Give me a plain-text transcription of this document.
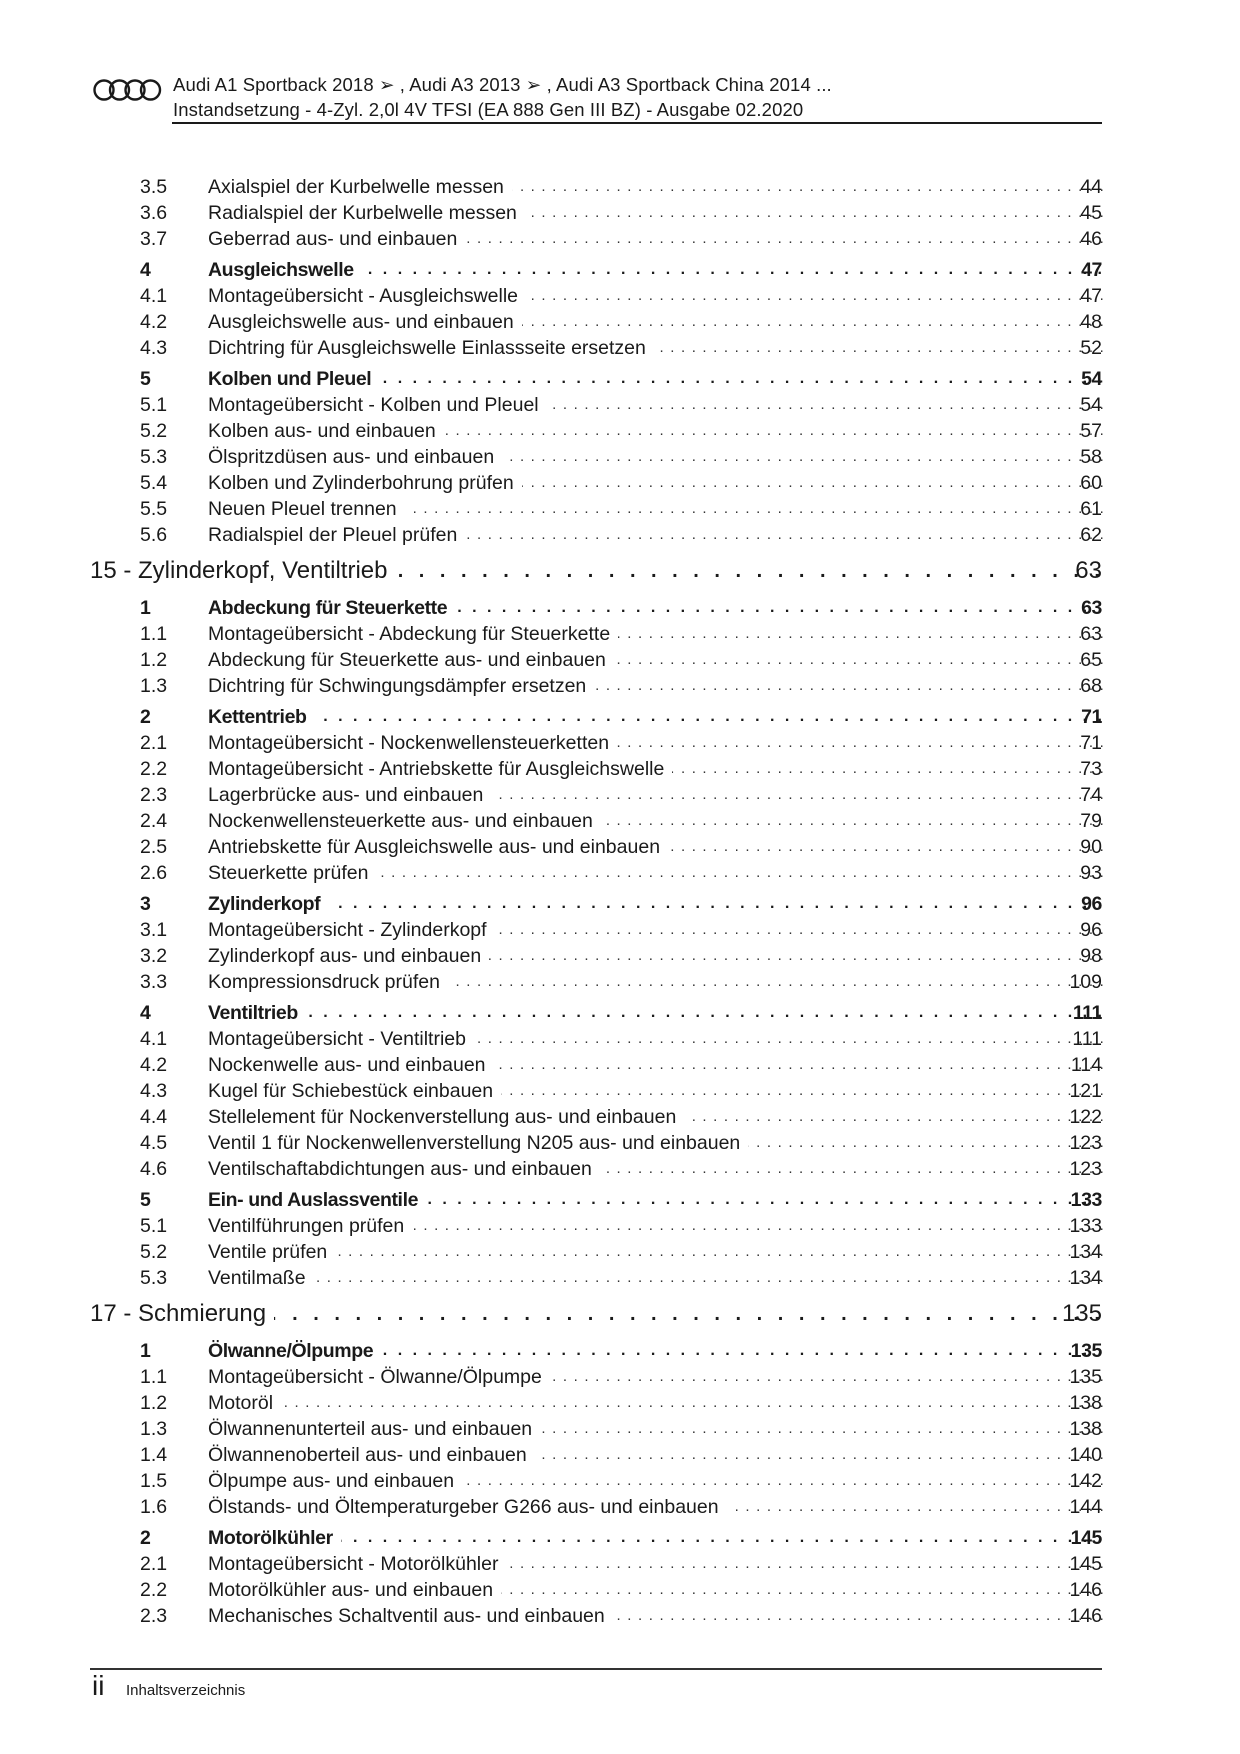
Audi A1 Sportback 2018 ➢ , Audi A3 2013 ➢ , Audi A3 Sportback China 2014 ...
Instandsetzung - 4-Zyl. 2,0l 4V TFSI (EA 888 Gen III BZ) - Ausgabe 02.2020
3.5 Axialspiel der Kurbelwelle messen . . .	44
3.6 Radialspiel der Kurbelwelle messen . . .	45
3.7 Geberrad aus- und einbauen . . .	46
4	Ausgleichswelle . . .	47
4.1 Montageübersicht - Ausgleichswelle . . .	47
4.2 Ausgleichswelle aus- und einbauen . . .	48
4.3 Dichtring für Ausgleichswelle Einlassseite ersetzen . . .	52
5	Kolben und Pleuel . . .	54
5.1 Montageübersicht - Kolben und Pleuel . . .	54
5.2 Kolben aus- und einbauen . . .	57
5.3 Ölspritzdüsen aus- und einbauen . . .	58
5.4 Kolben und Zylinderbohrung prüfen . . .	60
5.5 Neuen Pleuel trennen . . .	61
5.6 Radialspiel der Pleuel prüfen . . .	62
15 - Zylinderkopf, Ventiltrieb . . .	63
1	Abdeckung für Steuerkette . . .	63
1.1 Montageübersicht - Abdeckung für Steuerkette . . .	63
1.2 Abdeckung für Steuerkette aus- und einbauen . . .	65
1.3 Dichtring für Schwingungsdämpfer ersetzen . . .	68
2	Kettentrieb . . .	71
2.1 Montageübersicht - Nockenwellensteuerketten . . .	71
2.2 Montageübersicht - Antriebskette für Ausgleichswelle . . .	73
2.3 Lagerbrücke aus- und einbauen . . .	74
2.4 Nockenwellensteuerkette aus- und einbauen . . .	79
2.5 Antriebskette für Ausgleichswelle aus- und einbauen . . .	90
2.6 Steuerkette prüfen . . .	93
3	Zylinderkopf . . .	96
3.1 Montageübersicht - Zylinderkopf . . .	96
3.2 Zylinderkopf aus- und einbauen . . .	98
3.3 Kompressionsdruck prüfen . . .	109
4	Ventiltrieb . . .	111
4.1 Montageübersicht - Ventiltrieb . . .	111
4.2 Nockenwelle aus- und einbauen . . .	114
4.3 Kugel für Schiebestück einbauen . . .	121
4.4 Stellelement für Nockenverstellung aus- und einbauen . . .	122
4.5 Ventil 1 für Nockenwellenverstellung N205 aus- und einbauen . . .	123
4.6 Ventilschaftabdichtungen aus- und einbauen . . .	123
5	Ein- und Auslassventile . . .	133
5.1 Ventilführungen prüfen . . .	133
5.2 Ventile prüfen . . .	134
5.3 Ventilmaße . . .	134
17 - Schmierung . . .	135
1	Ölwanne/Ölpumpe . . .	135
1.1 Montageübersicht - Ölwanne/Ölpumpe . . .	135
1.2 Motoröl . . .	138
1.3 Ölwannenunterteil aus- und einbauen . . .	138
1.4 Ölwannenoberteil aus- und einbauen . . .	140
1.5 Ölpumpe aus- und einbauen . . .	142
1.6 Ölstands- und Öltemperaturgeber G266 aus- und einbauen . . .	144
2	Motorölkühler . . .	145
2.1 Montageübersicht - Motorölkühler . . .	145
2.2 Motorölkühler aus- und einbauen . . .	146
2.3 Mechanisches Schaltventil aus- und einbauen . . .	146
ii Inhaltsverzeichnis
